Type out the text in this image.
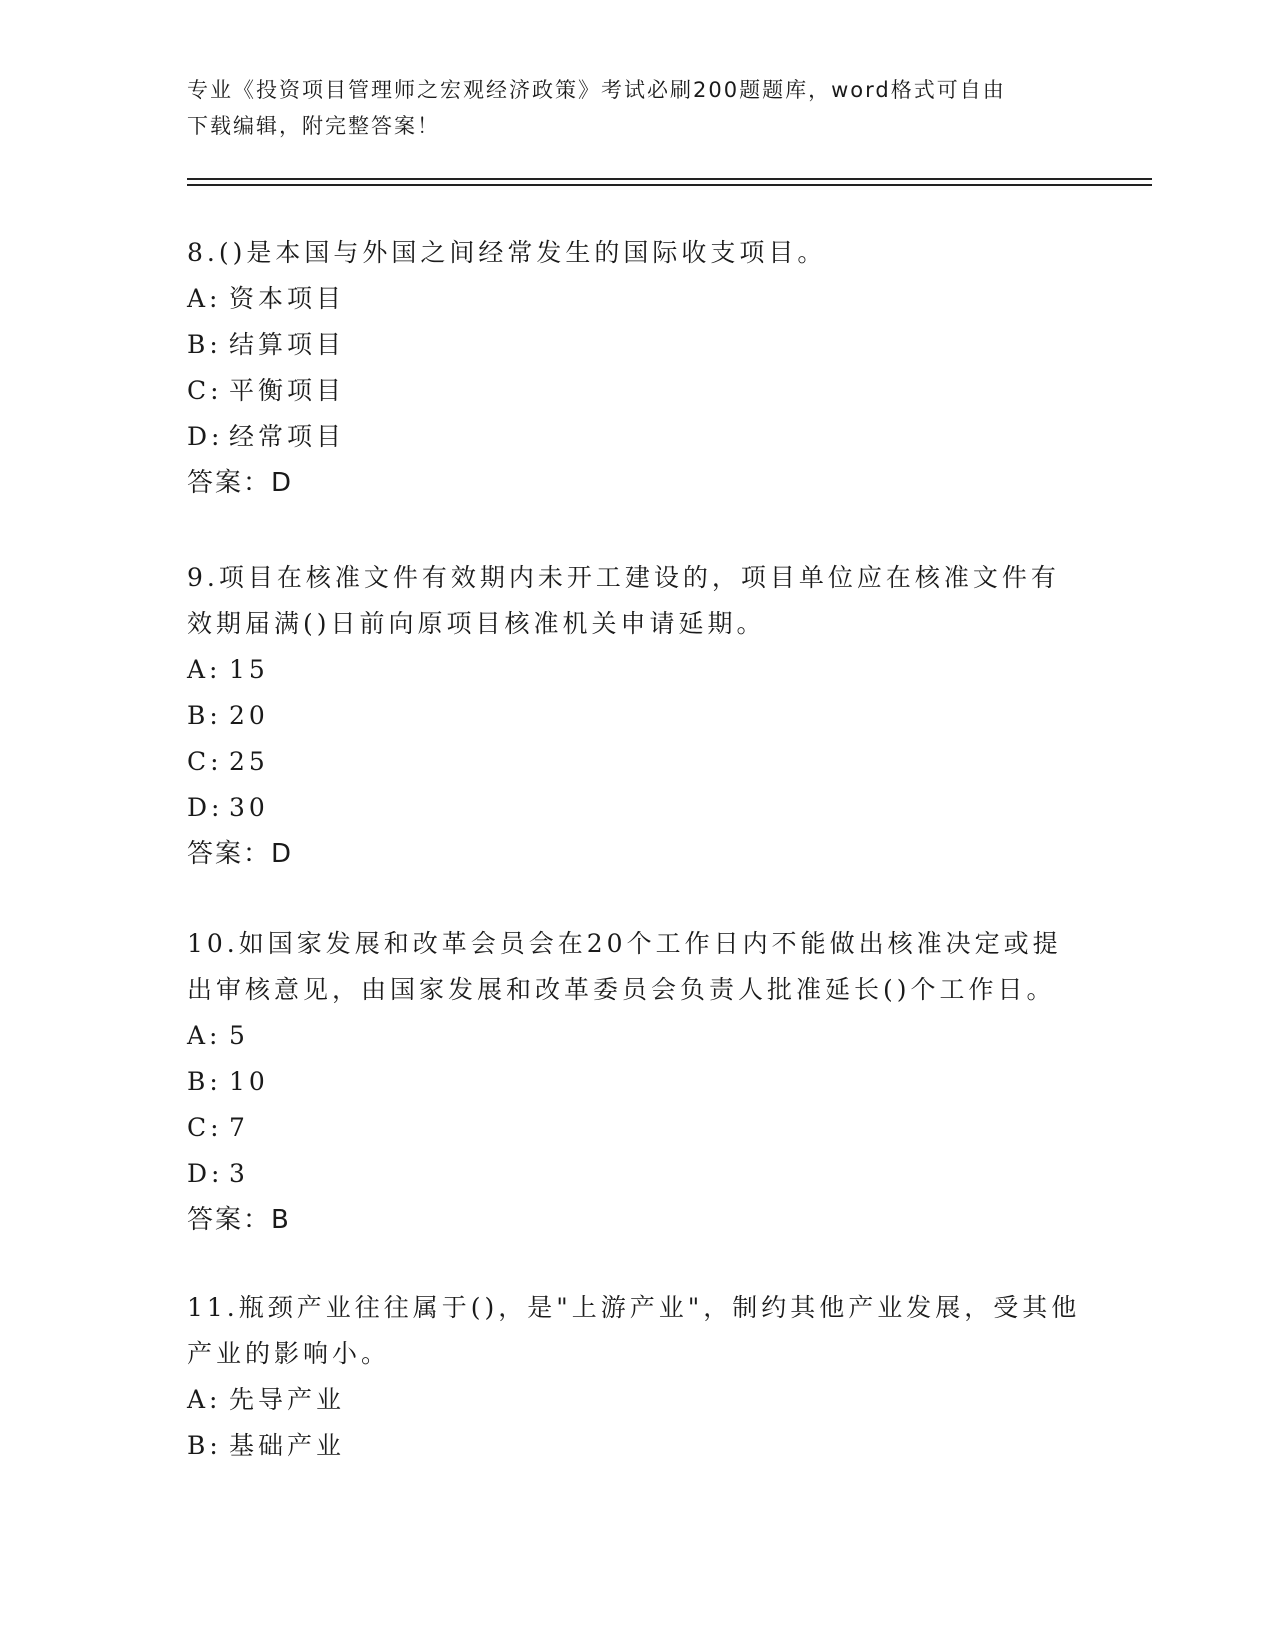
专业《投资项目管理师之宏观经济政策》考试必刷200题题库，word格式可自由
下载编辑，附完整答案！
8.()是本国与外国之间经常发生的国际收支项目。
A: 资本项目
B: 结算项目
C: 平衡项目
D: 经常项目
答案：D
9.项目在核准文件有效期内未开工建设的，项目单位应在核准文件有效期届满()日前向原项目核准机关申请延期。
A: 15
B: 20
C: 25
D: 30
答案：D
10.如国家发展和改革会员会在20个工作日内不能做出核准决定或提出审核意见，由国家发展和改革委员会负责人批准延长()个工作日。
A: 5
B: 10
C: 7
D: 3
答案：B
11.瓶颈产业往往属于()，是"上游产业"，制约其他产业发展，受其他产业的影响小。
A: 先导产业
B: 基础产业
